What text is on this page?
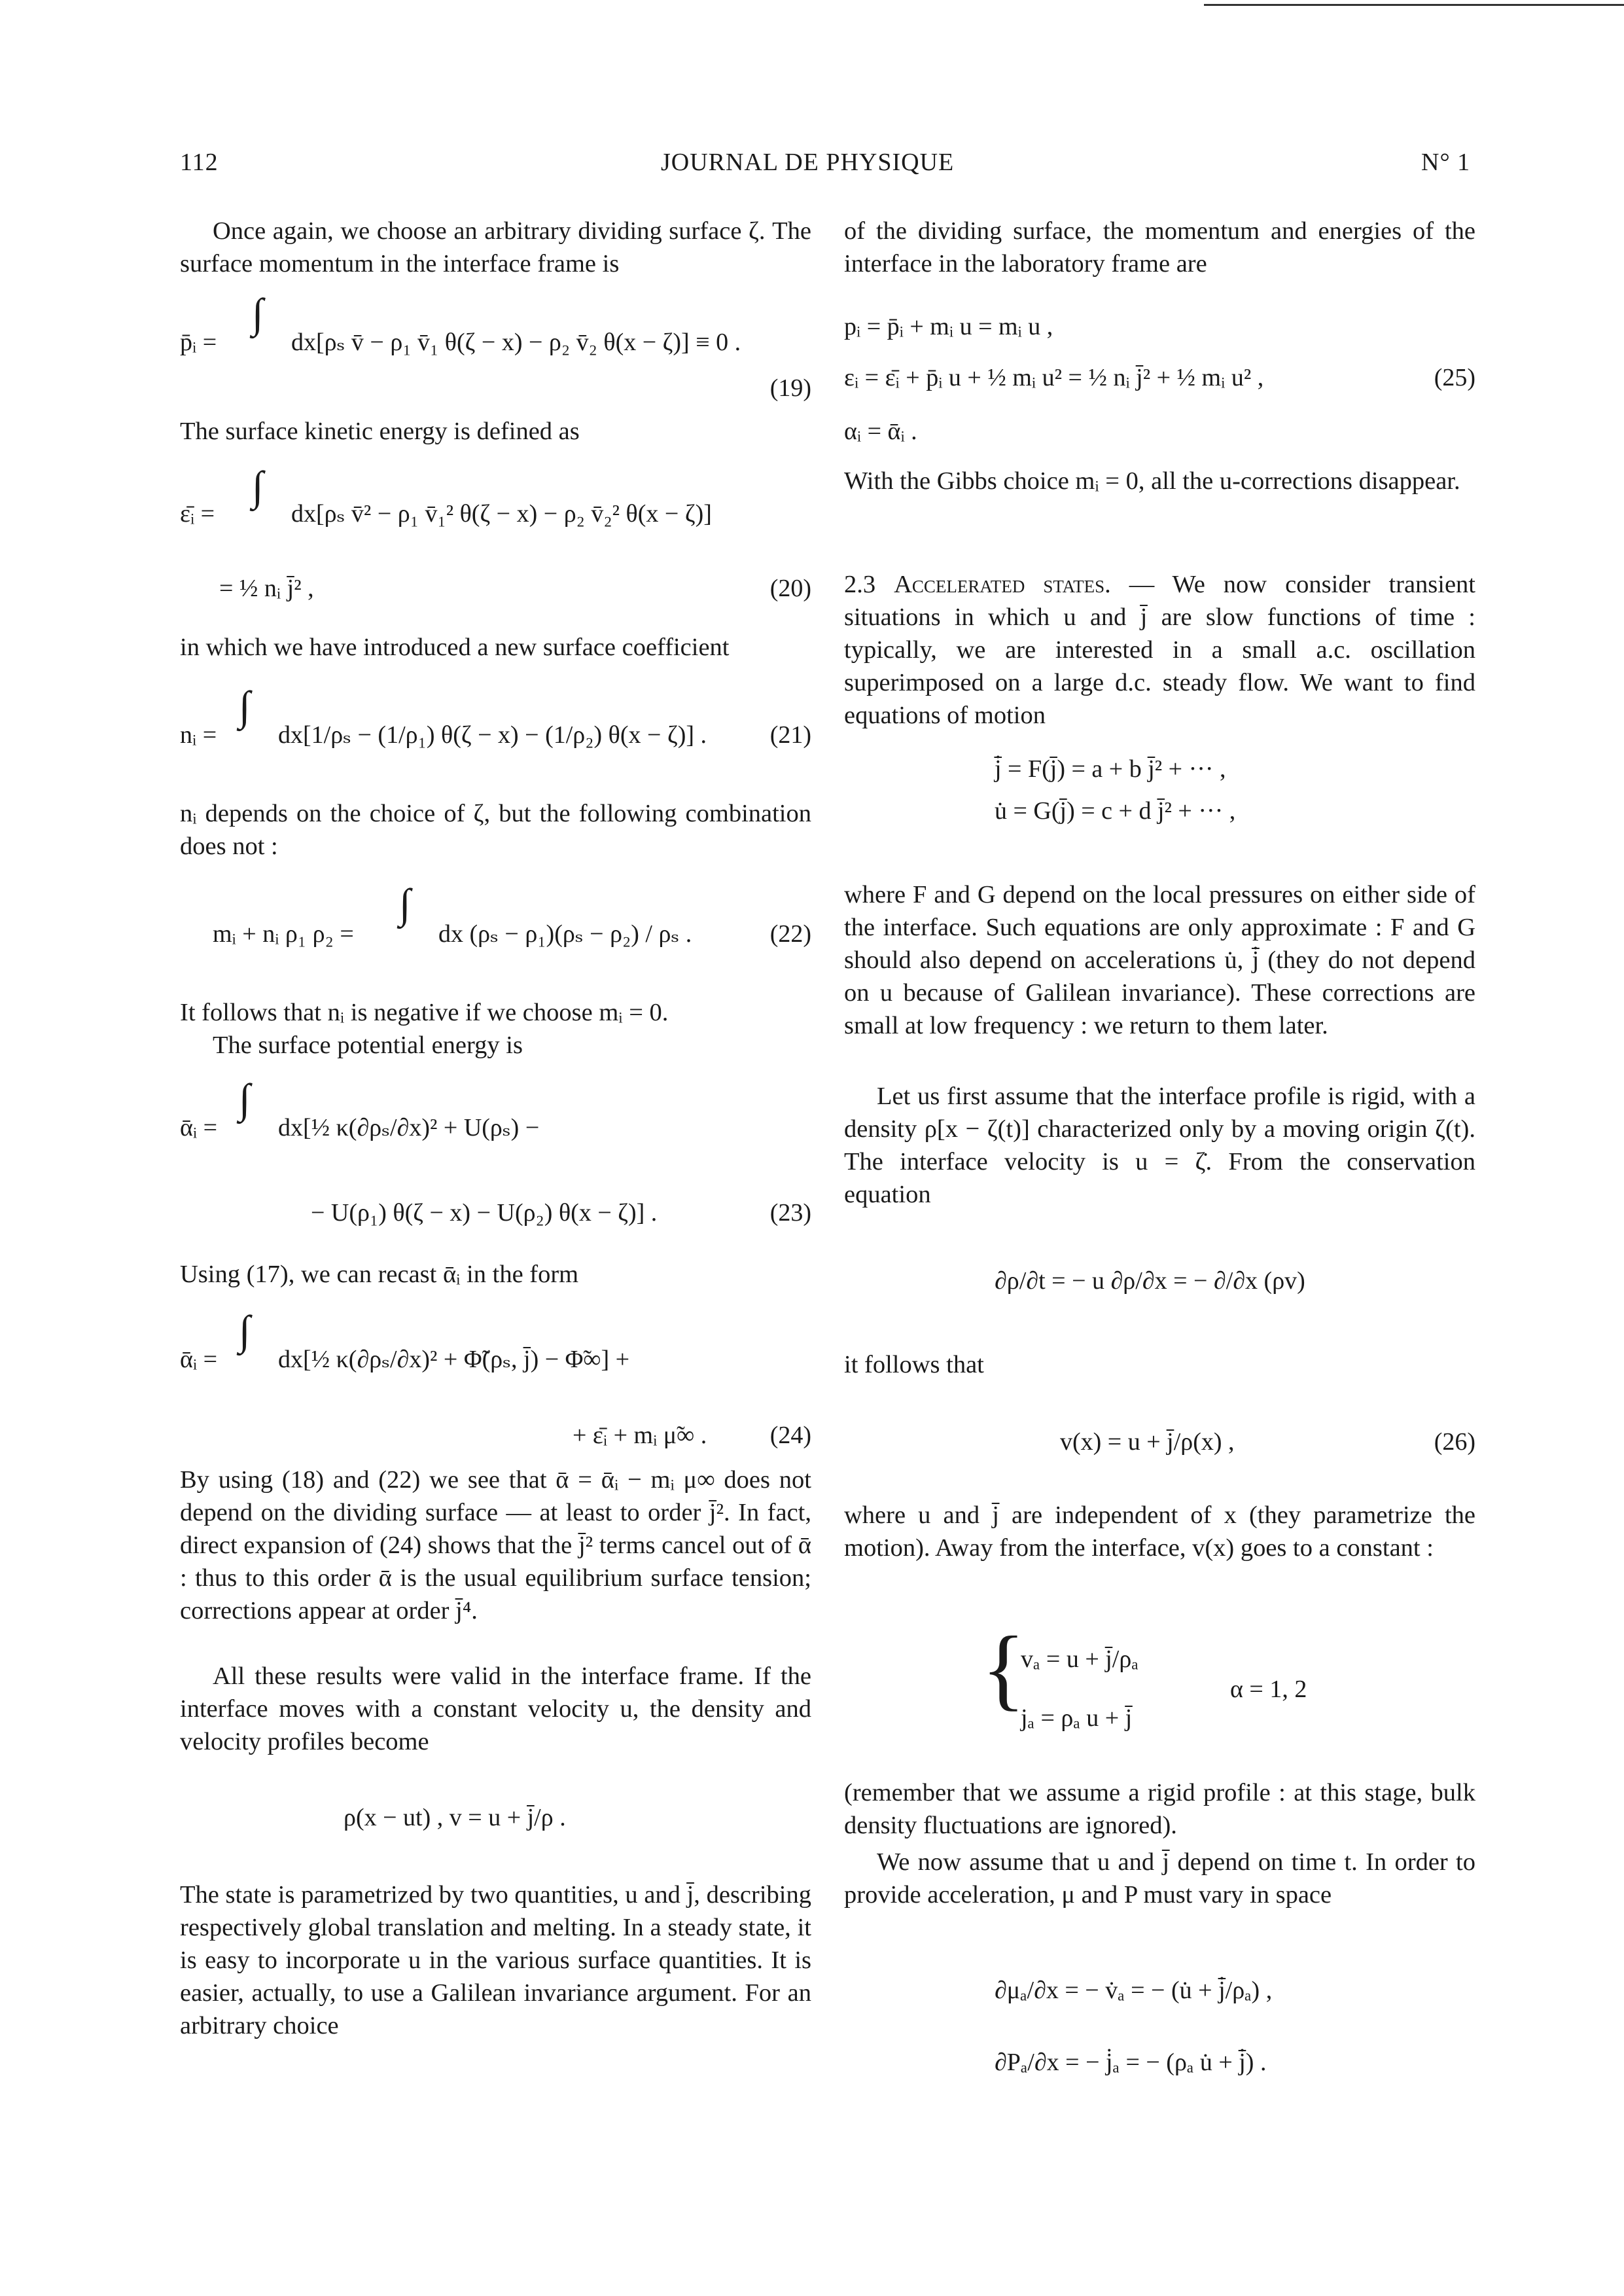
112	JOURNAL DE PHYSIQUE	N° 1

Once again, we choose an arbitrary dividing surface ζ. The surface momentum in the interface frame is

p̄ᵢ =
∫
dx[ρₛ v̄ − ρ₁ v̄₁ θ(ζ − x) − ρ₂ v̄₂ θ(x − ζ)] ≡ 0 .
(19)

The surface kinetic energy is defined as

ε̄ᵢ =
∫
dx[ρₛ v̄² − ρ₁ v̄₁² θ(ζ − x) − ρ₂ v̄₂² θ(x − ζ)]
= ½ nᵢ j̄² ,	(20)

in which we have introduced a new surface coefficient

nᵢ =
∫
dx[1/ρₛ − (1/ρ₁) θ(ζ − x) − (1/ρ₂) θ(x − ζ)] .	(21)

nᵢ depends on the choice of ζ, but the following combination does not :

mᵢ + nᵢ ρ₁ ρ₂ =
∫
dx (ρₛ − ρ₁)(ρₛ − ρ₂) / ρₛ .	(22)

It follows that nᵢ is negative if we choose mᵢ = 0.

The surface potential energy is

ᾱᵢ =
∫
dx[½ κ(∂ρₛ/∂x)² + U(ρₛ) −
− U(ρ₁) θ(ζ − x) − U(ρ₂) θ(x − ζ)] .	(23)

Using (17), we can recast ᾱᵢ in the form

ᾱᵢ =
∫
dx[½ κ(∂ρₛ/∂x)² + Φ̃(ρₛ, j̄) − Φ̃∞] +
+ ε̄ᵢ + mᵢ μ̃∞ .	(24)

By using (18) and (22) we see that ᾱ = ᾱᵢ − mᵢ μ∞ does not depend on the dividing surface — at least to order j̄². In fact, direct expansion of (24) shows that the j̄² terms cancel out of ᾱ : thus to this order ᾱ is the usual equilibrium surface tension; corrections appear at order j̄⁴.

All these results were valid in the interface frame. If the interface moves with a constant velocity u, the density and velocity profiles become

ρ(x − ut) , v = u + j̄/ρ .

The state is parametrized by two quantities, u and j̄, describing respectively global translation and melting. In a steady state, it is easy to incorporate u in the various surface quantities. It is easier, actually, to use a Galilean invariance argument. For an arbitrary choice

of the dividing surface, the momentum and energies of the interface in the laboratory frame are

pᵢ = p̄ᵢ + mᵢ u = mᵢ u ,
εᵢ = ε̄ᵢ + p̄ᵢ u + ½ mᵢ u² = ½ nᵢ j̄² + ½ mᵢ u² ,
αᵢ = ᾱᵢ .
(25)

With the Gibbs choice mᵢ = 0, all the u-corrections disappear.

2.3 Accelerated states. — We now consider transient situations in which u and j̄ are slow functions of time : typically, we are interested in a small a.c. oscillation superimposed on a large d.c. steady flow. We want to find equations of motion

j̄̇ = F(j̄) = a + b j̄² + ··· ,
u̇ = G(j̄) = c + d j̄² + ··· ,

where F and G depend on the local pressures on either side of the interface. Such equations are only approximate : F and G should also depend on accelerations u̇, j̄̇ (they do not depend on u because of Galilean invariance). These corrections are small at low frequency : we return to them later.

Let us first assume that the interface profile is rigid, with a density ρ[x − ζ(t)] characterized only by a moving origin ζ(t). The interface velocity is u = ζ̇. From the conservation equation

∂ρ/∂t = − u ∂ρ/∂x = − ∂/∂x (ρv)

it follows that

v(x) = u + j̄/ρ(x) ,	(26)

where u and j̄ are independent of x (they parametrize the motion). Away from the interface, v(x) goes to a constant :

{
vₐ = u + j̄/ρₐ
jₐ = ρₐ u + j̄
α = 1, 2

(remember that we assume a rigid profile : at this stage, bulk density fluctuations are ignored).

We now assume that u and j̄ depend on time t. In order to provide acceleration, μ and P must vary in space

∂μₐ/∂x = − v̇ₐ = − (u̇ + j̄̇/ρₐ) ,
∂Pₐ/∂x = − j̇ₐ = − (ρₐ u̇ + j̄̇) .
